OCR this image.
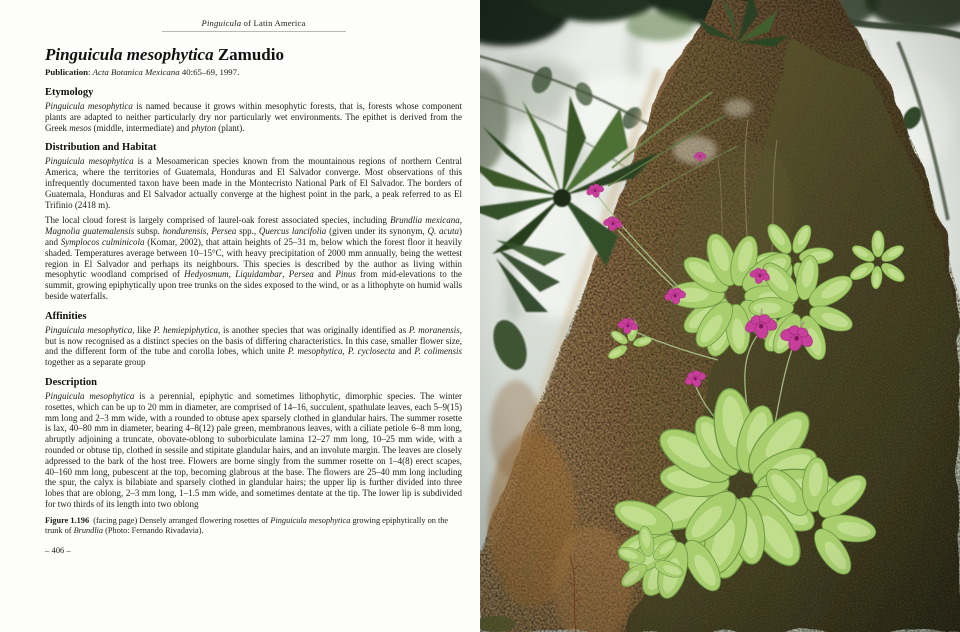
Pinguicula of Latin America
Pinguicula mesophytica Zamudio
Publication: Acta Botanica Mexicana 40:65–69, 1997.
Etymology

Pinguicula mesophytica is named because it grows within mesophytic forests, that is, forests whose component plants are adapted to neither particularly dry nor particularly wet environments. The epithet is derived from the Greek mesos (middle, intermediate) and phyton (plant).

Distribution and Habitat

Pinguicula mesophytica is a Mesoamerican species known from the mountainous regions of northern Central America, where the territories of Guatemala, Honduras and El Salvador converge. Most observations of this infrequently documented taxon have been made in the Montecristo National Park of El Salvador. The borders of Guatemala, Honduras and El Salvador actually converge at the highest point in the park, a peak referred to as El Trifinio (2418 m).

The local cloud forest is largely comprised of laurel-oak forest associated species, including Brundlia mexicana, Magnolia guatemalensis subsp. hondurensis, Persea spp., Quercus lancifolia (given under its synonym, Q. acuta) and Symplocos culminicola (Komar, 2002), that attain heights of 25–31 m, below which the forest floor it heavily shaded. Temperatures average between 10–15°C, with heavy precipitation of 2000 mm annually, being the wettest region in El Salvador and perhaps its neighbours. This species is described by the author as living within mesophytic woodland comprised of Hedyosmum, Liquidambar, Persea and Pinus from mid-elevations to the summit, growing epiphytically upon tree trunks on the sides exposed to the wind, or as a lithophyte on humid walls beside waterfalls.

Affinities

Pinguicula mesophytica, like P. hemiepiphytica, is another species that was originally identified as P. moranensis, but is now recognised as a distinct species on the basis of differing characteristics. In this case, smaller flower size, and the different form of the tube and corolla lobes, which unite P. mesophytica, P. cyclosecta and P. colimensis together as a separate group

Description

Pinguicula mesophytica is a perennial, epiphytic and sometimes lithophytic, dimorphic species. The winter rosettes, which can be up to 20 mm in diameter, are comprised of 14–16, succulent, spathulate leaves, each 5–9(15) mm long and 2–3 mm wide, with a rounded to obtuse apex sparsely clothed in glandular hairs. The summer rosette is lax, 40–80 mm in diameter, bearing 4–8(12) pale green, membranous leaves, with a ciliate petiole 6–8 mm long, abruptly adjoining a truncate, obovate-oblong to suborbiculate lamina 12–27 mm long, 10–25 mm wide, with a rounded or obtuse tip, clothed in sessile and stipitate glandular hairs, and an involute margin. The leaves are closely adpressed to the bark of the host tree. Flowers are borne singly from the summer rosette on 1–4(8) erect scapes, 40–160 mm long, pubescent at the top, becoming glabrous at the base. The flowers are 25–40 mm long including the spur, the calyx is bilabiate and sparsely clothed in glandular hairs; the upper lip is further divided into three lobes that are oblong, 2–3 mm long, 1–1.5 mm wide, and sometimes dentate at the tip. The lower lip is subdivided for two thirds of its length into two oblong

Figure 1.196  (facing page) Densely arranged flowering rosettes of Pinguicula mesophytica growing epiphytically on the trunk of Brundlia (Photo: Fernando Rivadavia).
– 406 –
